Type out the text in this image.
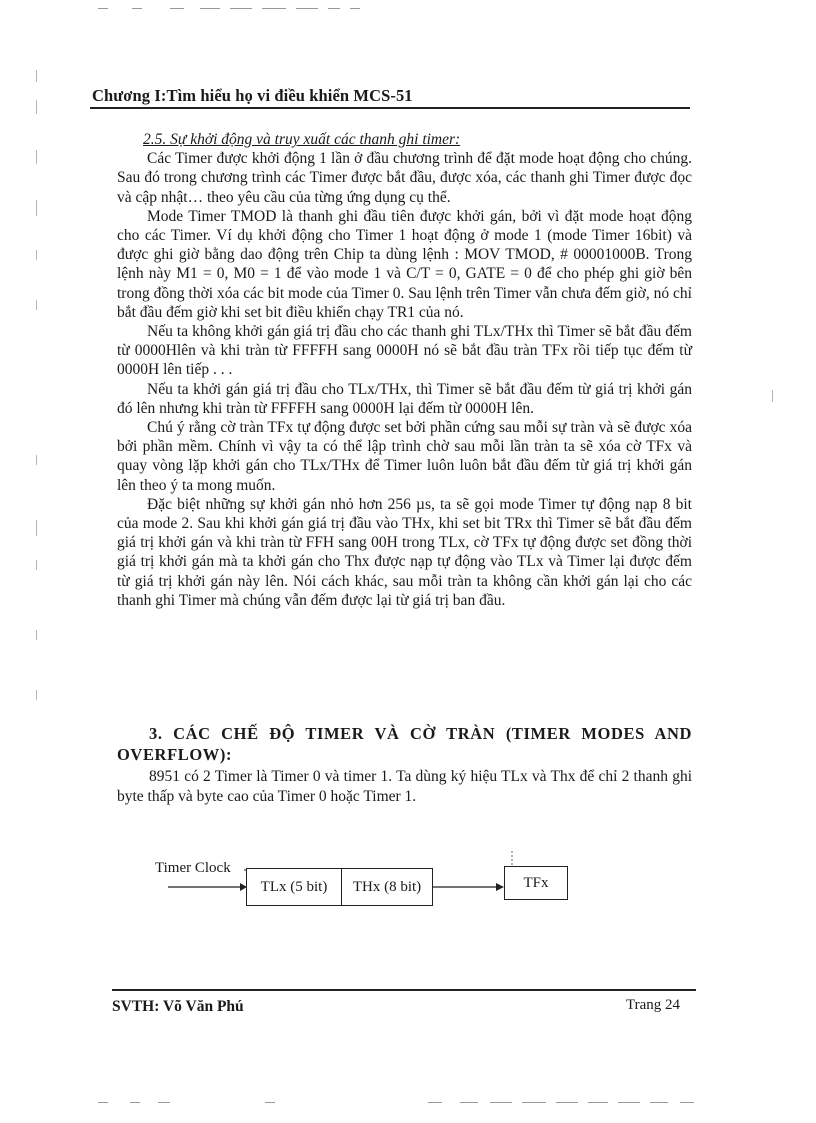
Chương I:Tìm hiểu họ vi điều khiển MCS-51

2.5. Sự khởi động và truy xuất các thanh ghi timer:

Các Timer được khởi động 1 lần ở đầu chương trình để đặt mode hoạt động cho chúng. Sau đó trong chương trình các Timer được bắt đầu, được xóa, các thanh ghi Timer được đọc và cập nhật… theo yêu cầu của từng ứng dụng cụ thể.

Mode Timer TMOD là thanh ghi đầu tiên được khởi gán, bởi vì đặt mode hoạt động cho các Timer. Ví dụ khởi động cho Timer 1 hoạt động ở mode 1 (mode Timer 16bit) và được ghi giờ bằng dao động trên Chip ta dùng lệnh : MOV TMOD, # 00001000B. Trong lệnh này M1 = 0, M0 = 1 để vào mode 1 và C/T = 0, GATE = 0 để cho phép ghi giờ bên trong đồng thời xóa các bit mode của Timer 0. Sau lệnh trên Timer vẫn chưa đếm giờ, nó chỉ bắt đầu đếm giờ khi set bit điều khiển chạy TR1 của nó.

Nếu ta không khởi gán giá trị đầu cho các thanh ghi TLx/THx thì Timer sẽ bắt đầu đếm từ 0000Hlên và khi tràn từ FFFFH sang 0000H nó sẽ bắt đầu tràn TFx rồi tiếp tục đếm từ 0000H lên tiếp . . .

Nếu ta khởi gán giá trị đầu cho TLx/THx, thì Timer sẽ bắt đầu đếm từ giá trị khởi gán đó lên nhưng khi tràn từ FFFFH sang 0000H lại đếm từ 0000H lên.

Chú ý rằng cờ tràn TFx tự động được set bởi phần cứng sau mỗi sự tràn và sẽ được xóa bởi phần mềm. Chính vì vậy ta có thể lập trình chờ sau mỗi lần tràn ta sẽ xóa cờ TFx và quay vòng lặp khởi gán cho TLx/THx để Timer luôn luôn bắt đầu đếm từ giá trị khởi gán lên theo ý ta mong muốn.

Đặc biệt những sự khởi gán nhỏ hơn 256 µs, ta sẽ gọi mode Timer tự động nạp 8 bit của mode 2. Sau khi khởi gán giá trị đầu vào THx, khi set bit TRx thì Timer sẽ bắt đầu đếm giá trị khởi gán và khi tràn từ FFH sang 00H trong TLx, cờ TFx tự động được set đồng thời giá trị khởi gán mà ta khởi gán cho Thx được nạp tự động vào TLx và Timer lại được đếm từ giá trị khởi gán này lên. Nói cách khác, sau mỗi tràn ta không cần khởi gán lại cho các thanh ghi Timer mà chúng vẫn đếm được lại từ giá trị ban đầu.

3. CÁC CHẾ ĐỘ TIMER VÀ CỜ TRÀN (TIMER MODES AND OVERFLOW):

8951 có 2 Timer là Timer 0 và timer 1. Ta dùng ký hiệu TLx và Thx để chỉ 2 thanh ghi byte thấp và byte cao của Timer 0 hoặc Timer 1.

Timer Clock
TLx (5 bit) THx (8 bit)	TFx
SVTH: Võ Văn Phú	Trang 24
